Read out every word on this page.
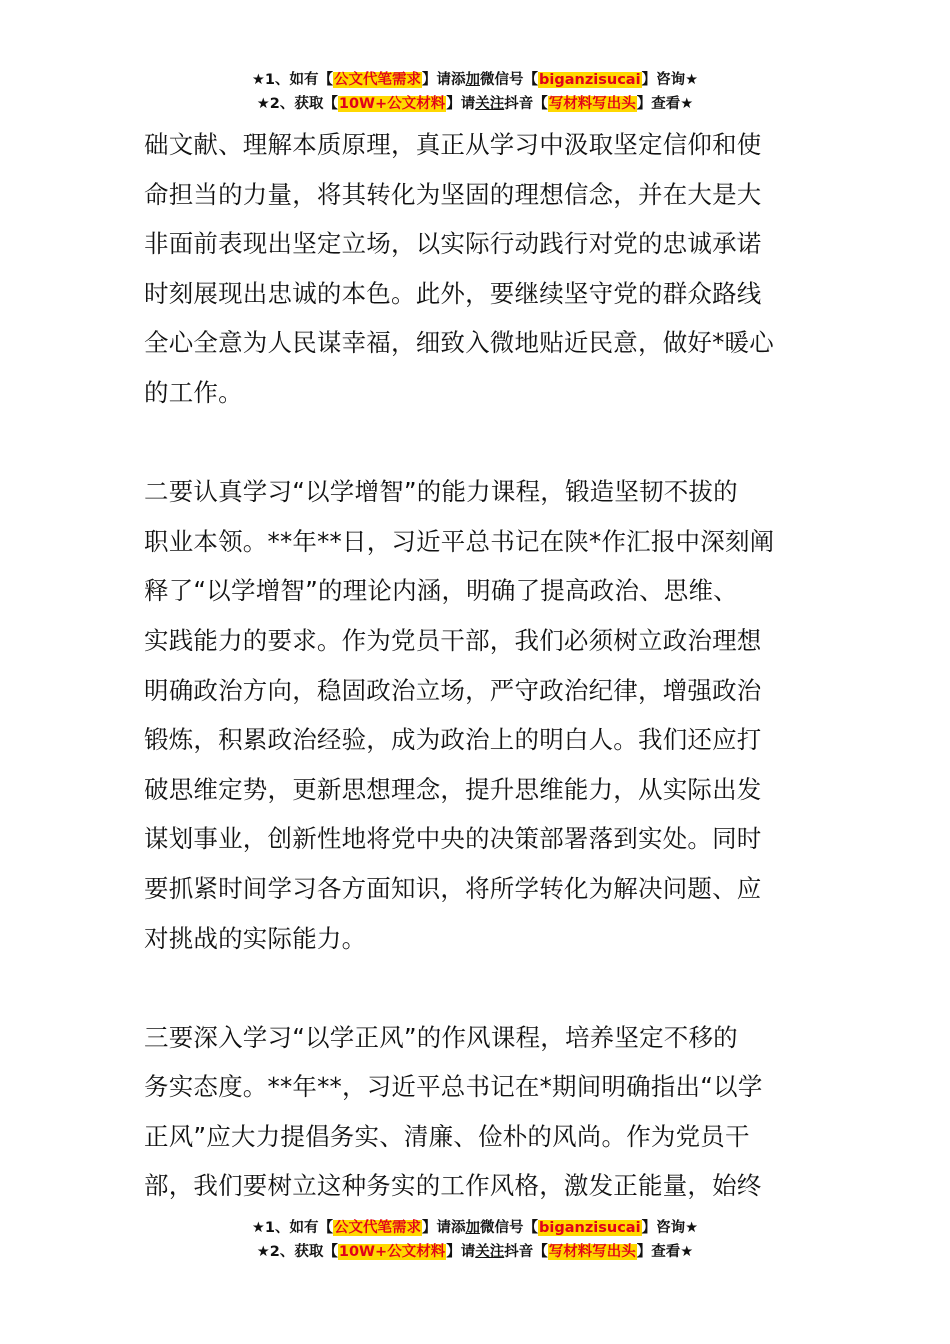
★1、如有【公文代笔需求】请添加微信号【biganzisucai】咨询★
★2、获取【10W+公文材料】请关注抖音【写材料写出头】查看★

础文献、理解本质原理，真正从学习中汲取坚定信仰和使
命担当的力量，将其转化为坚固的理想信念，并在大是大
非面前表现出坚定立场，以实际行动践行对党的忠诚承诺
时刻展现出忠诚的本色。此外，要继续坚守党的群众路线
全心全意为人民谋幸福，细致入微地贴近民意，做好*暖心
的工作。

二要认真学习“以学增智”的能力课程，锻造坚韧不拔的
职业本领。**年**日，习近平总书记在陕*作汇报中深刻阐
释了“以学增智”的理论内涵，明确了提高政治、思维、
实践能力的要求。作为党员干部，我们必须树立政治理想
明确政治方向，稳固政治立场，严守政治纪律，增强政治
锻炼，积累政治经验，成为政治上的明白人。我们还应打
破思维定势，更新思想理念，提升思维能力，从实际出发
谋划事业，创新性地将党中央的决策部署落到实处。同时
要抓紧时间学习各方面知识，将所学转化为解决问题、应
对挑战的实际能力。

三要深入学习“以学正风”的作风课程，培养坚定不移的
务实态度。**年**，习近平总书记在*期间明确指出“以学
正风”应大力提倡务实、清廉、俭朴的风尚。作为党员干
部，我们要树立这种务实的工作风格，激发正能量，始终

★1、如有【公文代笔需求】请添加微信号【biganzisucai】咨询★
★2、获取【10W+公文材料】请关注抖音【写材料写出头】查看★
